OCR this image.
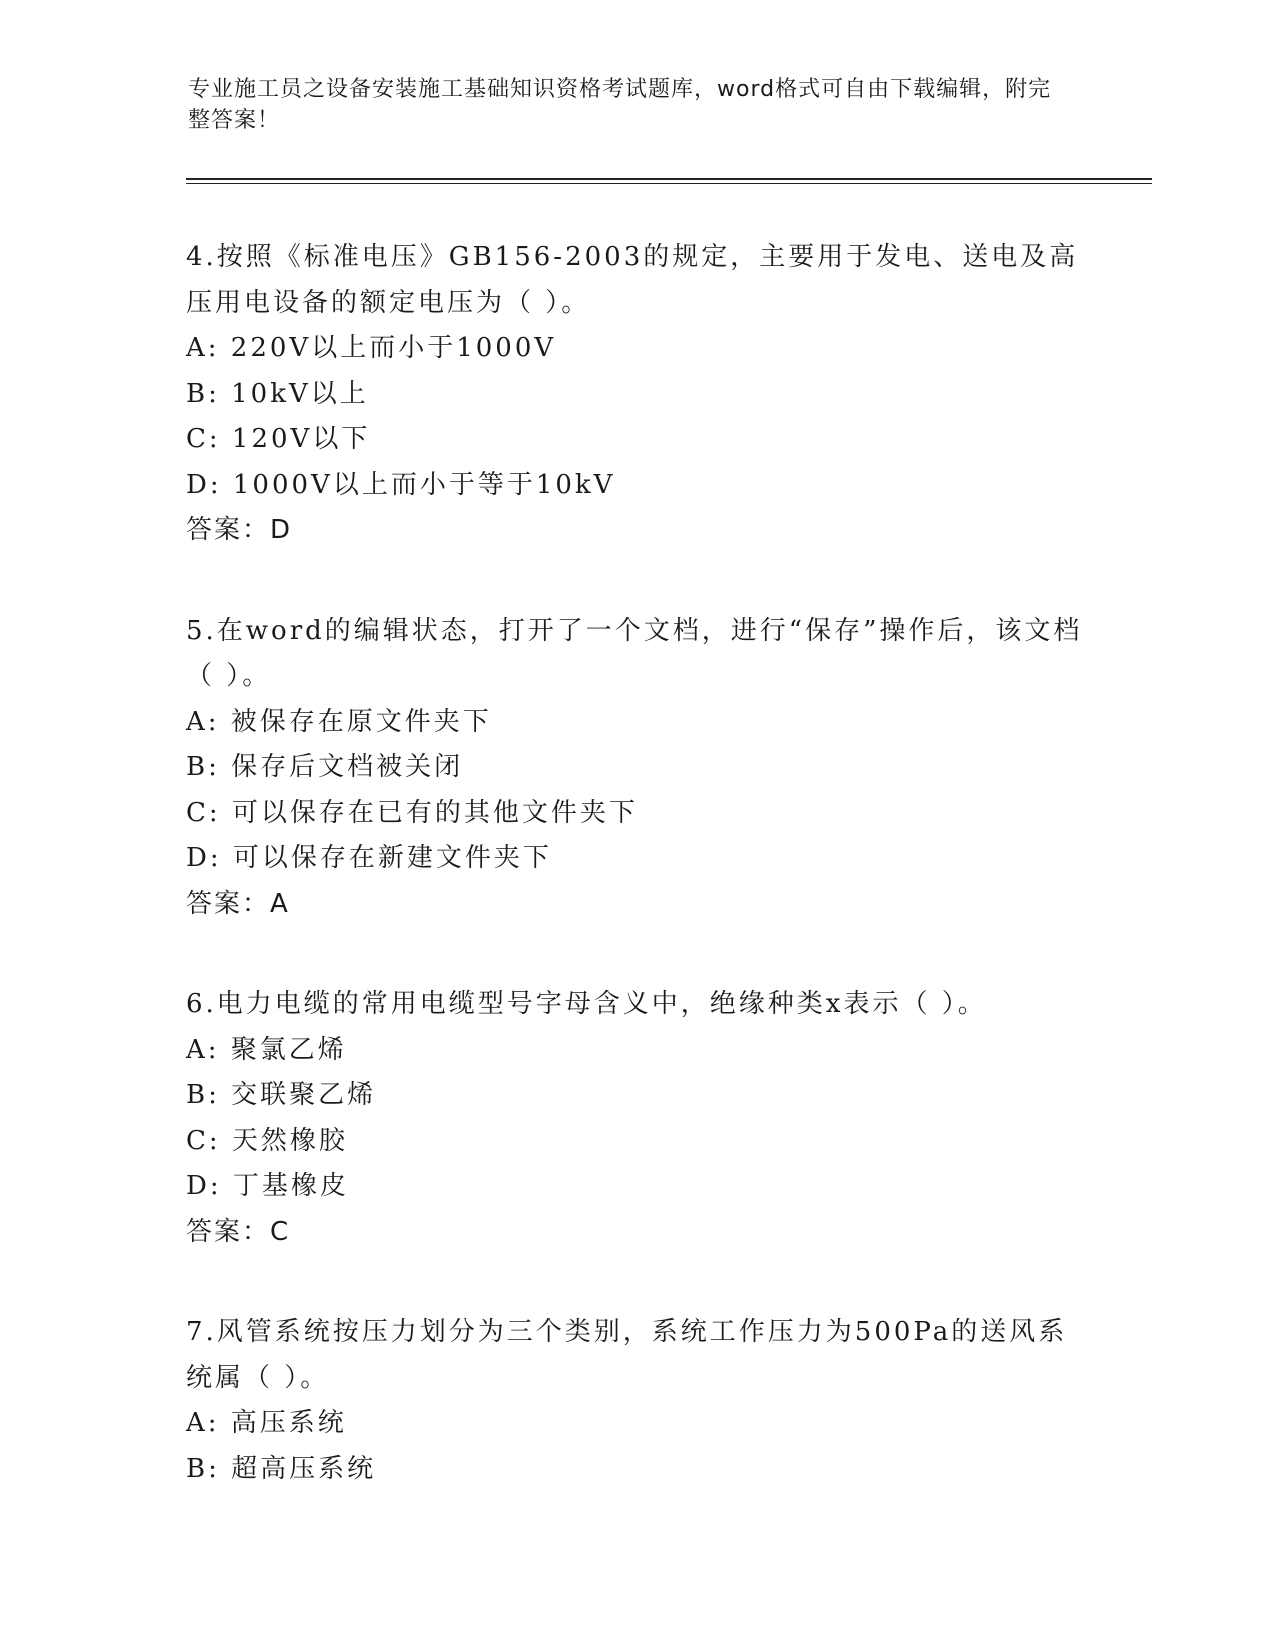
专业施工员之设备安装施工基础知识资格考试题库，word格式可自由下载编辑，附完整答案！

4.按照《标准电压》GB156-2003的规定，主要用于发电、送电及高压用电设备的额定电压为（ ）。

A: 220V以上而小于1000V

B: 10kV以上

C: 120V以下

D: 1000V以上而小于等于10kV

答案：D

5.在word的编辑状态，打开了一个文档，进行“保存”操作后，该文档（ ）。

A: 被保存在原文件夹下

B: 保存后文档被关闭

C: 可以保存在已有的其他文件夹下

D: 可以保存在新建文件夹下

答案：A

6.电力电缆的常用电缆型号字母含义中，绝缘种类x表示（ ）。

A: 聚氯乙烯

B: 交联聚乙烯

C: 天然橡胶

D: 丁基橡皮

答案：C

7.风管系统按压力划分为三个类别，系统工作压力为500Pa的送风系统属（ ）。

A: 高压系统

B: 超高压系统
